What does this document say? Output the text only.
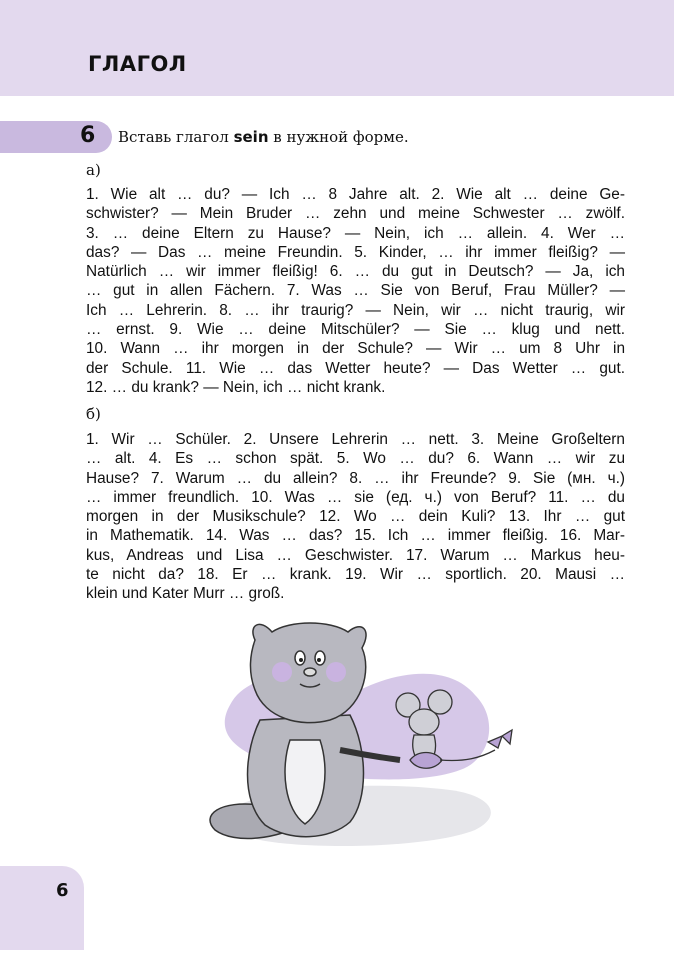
ГЛАГОЛ
6	Вставь глагол sein в нужной форме.
а)
1. Wie alt … du? — Ich … 8 Jahre alt. 2. Wie alt … deine Ge-
schwister? — Mein Bruder … zehn und meine Schwester … zwölf.
3. … deine Eltern zu Hause? — Nein, ich … allein. 4. Wer …
das? — Das … meine Freundin. 5. Kinder, … ihr immer fleißig? —
Natürlich … wir immer fleißig! 6. … du gut in Deutsch? — Ja, ich
… gut in allen Fächern. 7. Was … Sie von Beruf, Frau Müller? —
Ich … Lehrerin. 8. … ihr traurig? — Nein, wir … nicht traurig, wir
… ernst. 9. Wie … deine Mitschüler? — Sie … klug und nett.
10. Wann … ihr morgen in der Schule? — Wir … um 8 Uhr in
der Schule. 11. Wie … das Wetter heute? — Das Wetter … gut.
12. … du krank? — Nein, ich … nicht krank.
б)
1. Wir … Schüler. 2. Unsere Lehrerin … nett. 3. Meine Großeltern
… alt. 4. Es … schon spät. 5. Wo … du? 6. Wann … wir zu
Hause? 7. Warum … du allein? 8. … ihr Freunde? 9. Sie (мн. ч.)
… immer freundlich. 10. Was … sie (ед. ч.) von Beruf? 11. … du
morgen in der Musikschule? 12. Wo … dein Kuli? 13. Ihr … gut
in Mathematik. 14. Was … das? 15. Ich … immer fleißig. 16. Mar-
kus, Andreas und Lisa … Geschwister. 17. Warum … Markus heu-
te nicht da? 18. Er … krank. 19. Wir … sportlich. 20. Mausi …
klein und Kater Murr … groß.
6
